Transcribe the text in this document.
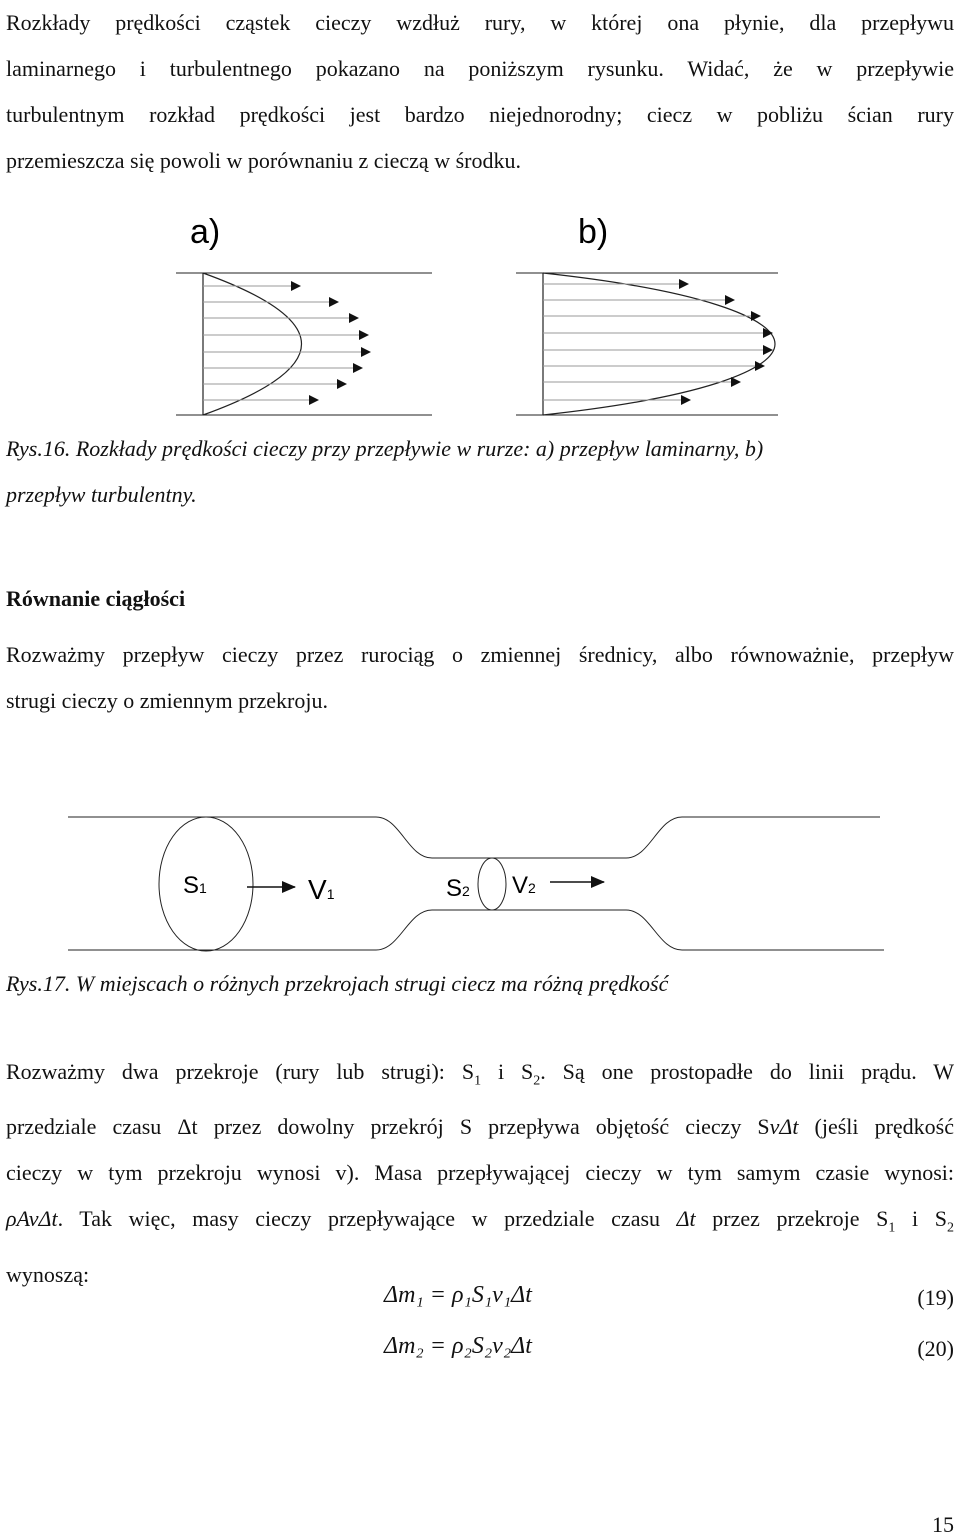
Rozkłady prędkości cząstek cieczy wzdłuż rury, w której ona płynie, dla przepływu
laminarnego i turbulentnego pokazano na poniższym rysunku. Widać, że w przepływie
turbulentnym rozkład prędkości jest bardzo niejednorodny; ciecz w pobliżu ścian rury
przemieszcza się powoli w porównaniu z cieczą w środku.
a)	b)
S1	V1	S2 V2
Rys.16. Rozkłady prędkości cieczy przy przepływie w rurze: a) przepływ laminarny, b)
przepływ turbulentny.
Równanie ciągłości
Rozważmy przepływ cieczy przez rurociąg o zmiennej średnicy, albo równoważnie, przepływ
strugi cieczy o zmiennym przekroju.
Rys.17. W miejscach o różnych przekrojach strugi ciecz ma różną prędkość
Rozważmy dwa przekroje (rury lub strugi): $S_1$ i $S_2$. Są one prostopadłe do linii prądu. W
przedziale czasu Δt przez dowolny przekrój S przepływa objętość cieczy SvΔt (jeśli prędkość
cieczy w tym przekroju wynosi v). Masa przepływającej cieczy w tym samym czasie wynosi:
ρAvΔt. Tak więc, masy cieczy przepływające w przedziale czasu Δt przez przekroje $S_1$ i $S_2$
wynoszą:
Δm₁ = ρ₁S₁v₁Δt	(19)
Δm₂ = ρ₂S₂v₂Δt	(20)
15
